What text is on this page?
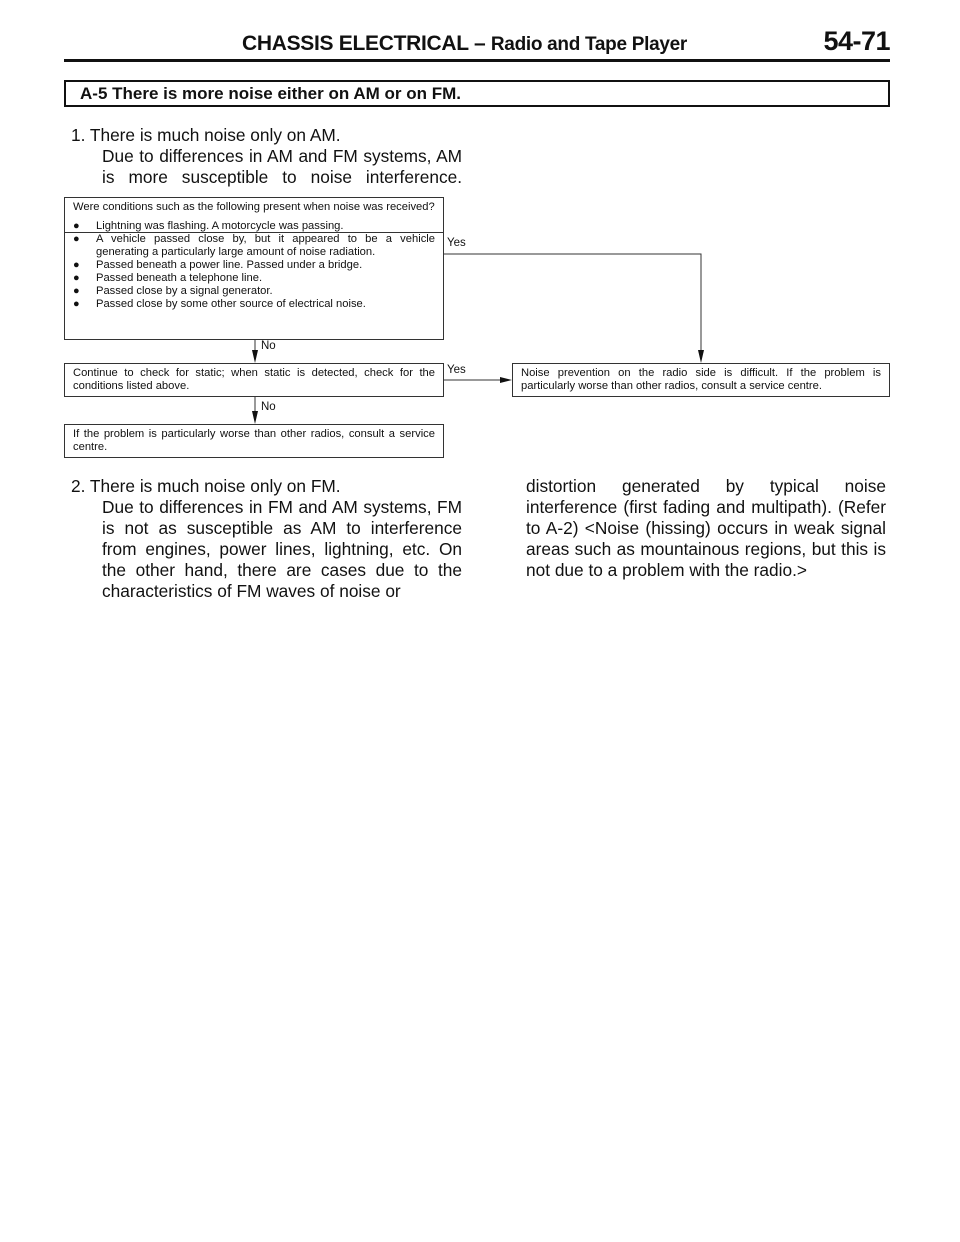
CHASSIS ELECTRICAL – Radio and Tape Player	54-71
A-5 There is more noise either on AM or on FM.
1. There is much noise only on AM.
Due to differences in AM and FM systems, AM is more susceptible to noise interference.
Were conditions such as the following present when noise was received?
● Lightning was flashing. A motorcycle was passing.
● A vehicle passed close by, but it appeared to be a vehicle generating a particularly large amount of noise radiation.
● Passed beneath a power line. Passed under a bridge.
● Passed beneath a telephone line.
● Passed close by a signal generator.
● Passed close by some other source of electrical noise.
Continue to check for static; when static is detected, check for the conditions listed above.
Noise prevention on the radio side is difficult. If the problem is particularly worse than other radios, consult a service centre.
If the problem is particularly worse than other radios, consult a service centre.
Yes
No
Yes
No
2. There is much noise only on FM.
Due to differences in FM and AM systems, FM is not as susceptible as AM to interference from engines, power lines, lightning, etc. On the other hand, there are cases due to the characteristics of FM waves of noise or
distortion generated by typical noise interference (first fading and multipath). (Refer to A-2) <Noise (hissing) occurs in weak signal areas such as mountainous regions, but this is not due to a problem with the radio.>
